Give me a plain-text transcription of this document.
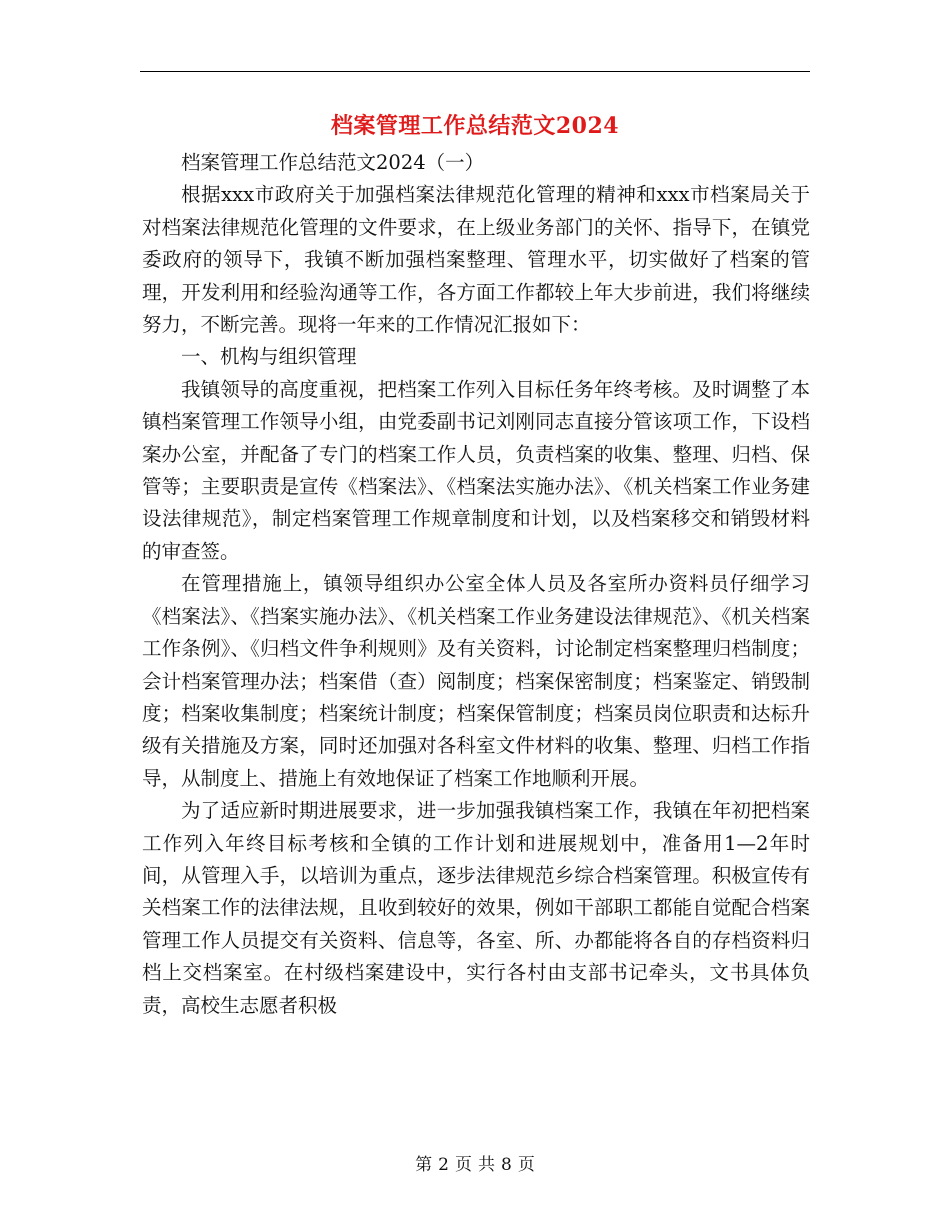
档案管理工作总结范文2024

档案管理工作总结范文2024（一）

根据xxx市政府关于加强档案法律规范化管理的精神和xxx市档案局关于对档案法律规范化管理的文件要求，在上级业务部门的关怀、指导下，在镇党委政府的领导下，我镇不断加强档案整理、管理水平，切实做好了档案的管理，开发利用和经验沟通等工作，各方面工作都较上年大步前进，我们将继续努力，不断完善。现将一年来的工作情况汇报如下：

一、机构与组织管理

我镇领导的高度重视，把档案工作列入目标任务年终考核。及时调整了本镇档案管理工作领导小组，由党委副书记刘刚同志直接分管该项工作，下设档案办公室，并配备了专门的档案工作人员，负责档案的收集、整理、归档、保管等；主要职责是宣传《档案法》、《档案法实施办法》、《机关档案工作业务建设法律规范》，制定档案管理工作规章制度和计划，以及档案移交和销毁材料的审查签。

在管理措施上，镇领导组织办公室全体人员及各室所办资料员仔细学习《档案法》、《挡案实施办法》、《机关档案工作业务建设法律规范》、《机关档案工作条例》、《归档文件争利规则》及有关资料，讨论制定档案整理归档制度；会计档案管理办法；档案借（查）阅制度；档案保密制度；档案鉴定、销毁制度；档案收集制度；档案统计制度；档案保管制度；档案员岗位职责和达标升级有关措施及方案，同时还加强对各科室文件材料的收集、整理、归档工作指导，从制度上、措施上有效地保证了档案工作地顺利开展。

为了适应新时期进展要求，进一步加强我镇档案工作，我镇在年初把档案工作列入年终目标考核和全镇的工作计划和进展规划中，准备用1—2年时间，从管理入手，以培训为重点，逐步法律规范乡综合档案管理。积极宣传有关档案工作的法律法规，且收到较好的效果，例如干部职工都能自觉配合档案管理工作人员提交有关资料、信息等，各室、所、办都能将各自的存档资料归档上交档案室。在村级档案建设中，实行各村由支部书记牵头，文书具体负责，高校生志愿者积极

第 2 页 共 8 页
